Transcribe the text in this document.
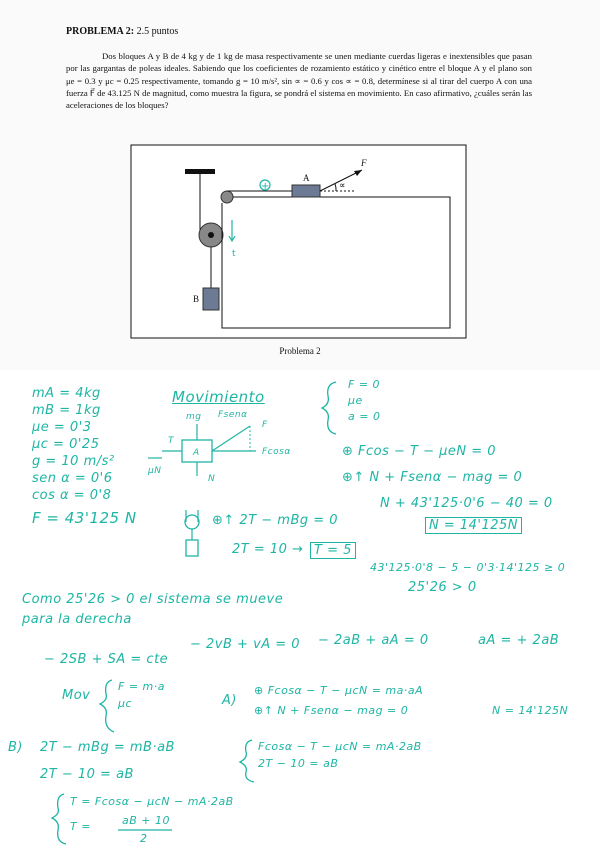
PROBLEMA 2: 2.5 puntos
Dos bloques A y B de 4 kg y de 1 kg de masa respectivamente se unen mediante cuerdas ligeras e inextensibles que pasan por las gargantas de poleas ideales. Sabiendo que los coeficientes de rozamiento estático y cinético entre el bloque A y el plano son μe = 0.3 y μc = 0.25 respectivamente, tomando g = 10 m/s², sin ∝ = 0.6 y cos ∝ = 0.8, determínese si al tirar del cuerpo A con una fuerza F⃗ de 43.125 N de magnitud, como muestra la figura, se pondrá el sistema en movimiento. En caso afirmativo, ¿cuáles serán las aceleraciones de los bloques?
A
B
F⃗
∝
+
t
Problema 2
mA = 4kg
mB = 1kg
μe = 0'3
μc = 0'25
g = 10 m/s²
sen α = 0'6
cos α = 0'8
F = 43'125 N
Movimiento
mg Fsenα
F
Fcosα
T
A
μN
N
F = 0
μe
a = 0
⊕ Fcos − T − μeN = 0
⊕↑ N + Fsenα − mag = 0
N + 43'125·0'6 − 40 = 0
N = 14'125N
⊕↑ 2T − mBg = 0
2T = 10 → T = 5
43'125·0'8 − 5 − 0'3·14'125 ≥ 0
25'26 > 0
Como 25'26 > 0 el sistema se mueve
para la derecha
− 2SB + SA = cte
− 2vB + vA = 0 − 2aB + aA = 0	aA = + 2aB
Mov
F = m·a
μc	A)
⊕ Fcosα − T − μcN = ma·aA
⊕↑ N + Fsenα − mag = 0	N = 14'125N
B) 2T − mBg = mB·aB
2T − 10 = aB
Fcosα − T − μcN = mA·2aB
2T − 10 = aB
T = Fcosα − μcN − mA·2aB
T =	aB + 10
2
